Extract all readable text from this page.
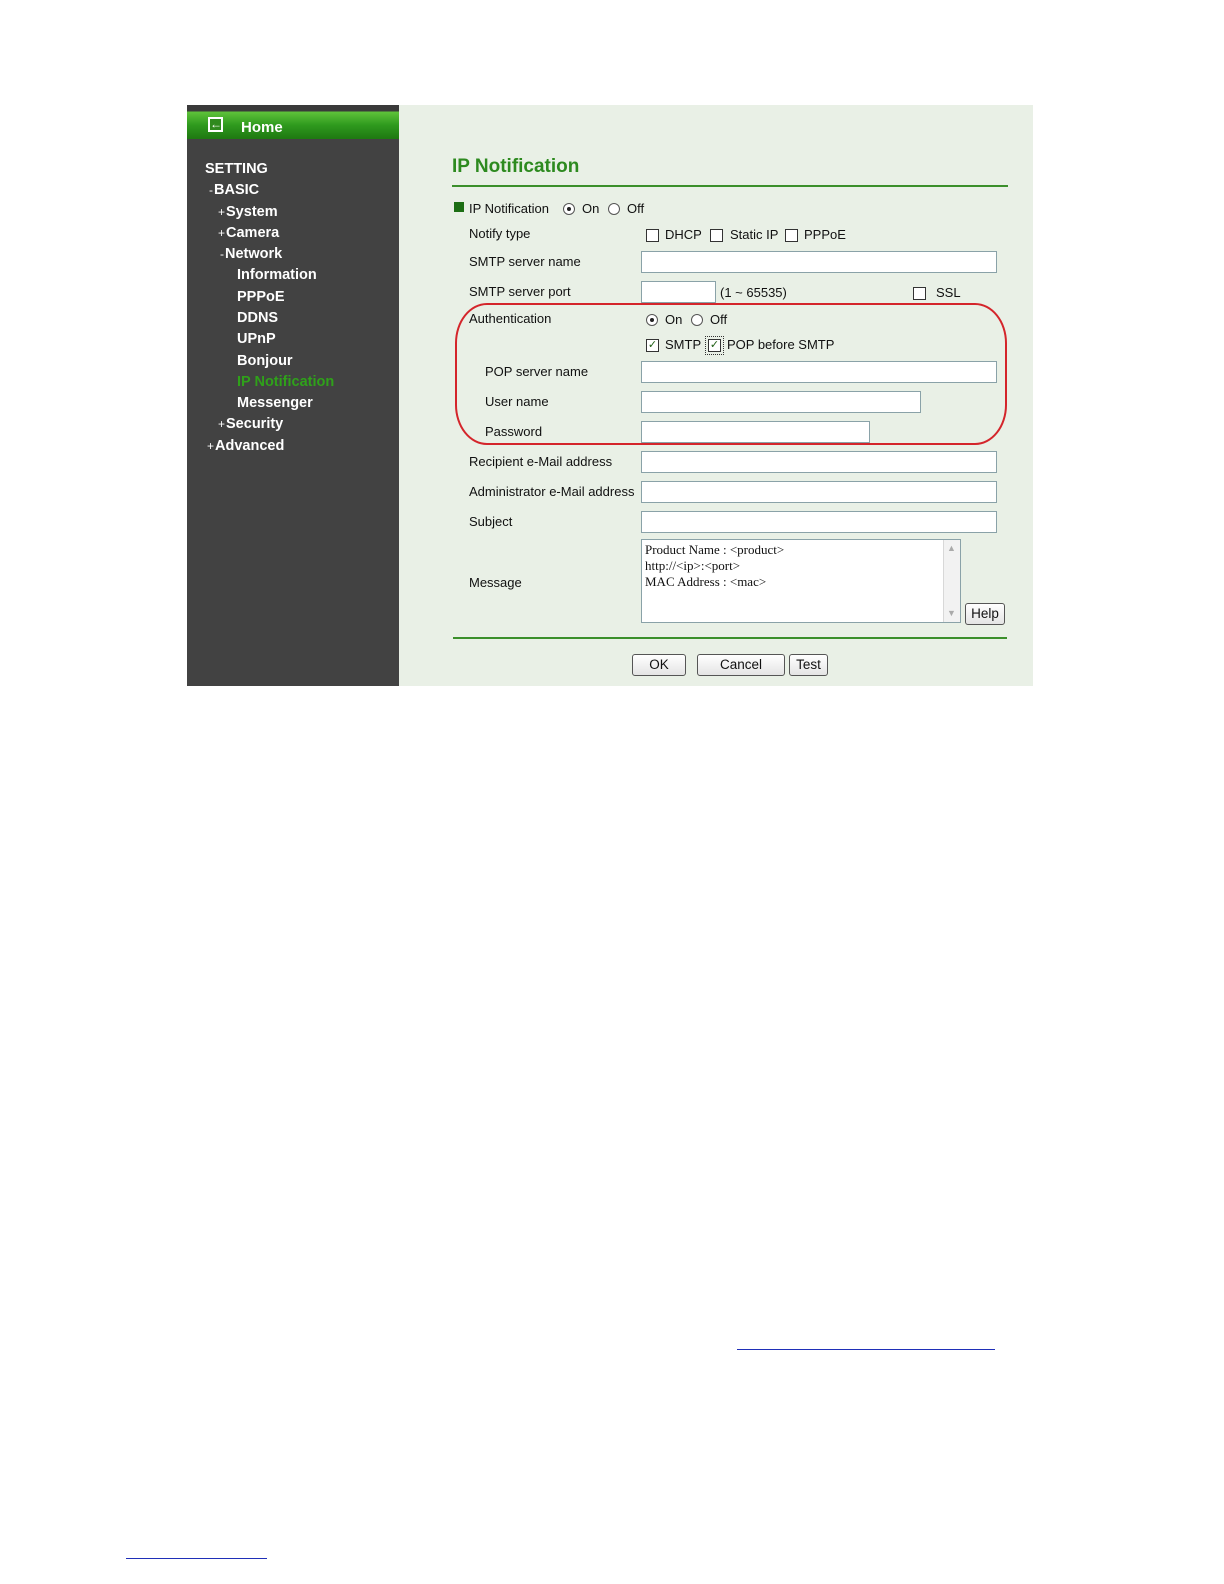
← Home
SETTING
-BASIC
+System
+Camera
-Network
Information
PPPoE
DDNS
UPnP
Bonjour
IP Notification
Messenger
+Security
+Advanced
IP Notification
IP Notification	On Off
Notify type	DHCP Static IP PPPoE
SMTP server name
SMTP server port	(1 ~ 65535)	SSL
Authentication	On Off
✓ SMTP ✓ POP before SMTP
POP server name
User name
Password
Recipient e-Mail address
Administrator e-Mail address
Subject
Message
Product Name : <product>
http://<ip>:<port>
MAC Address : <mac>
▲
▼	Help
OK	Cancel	Test
